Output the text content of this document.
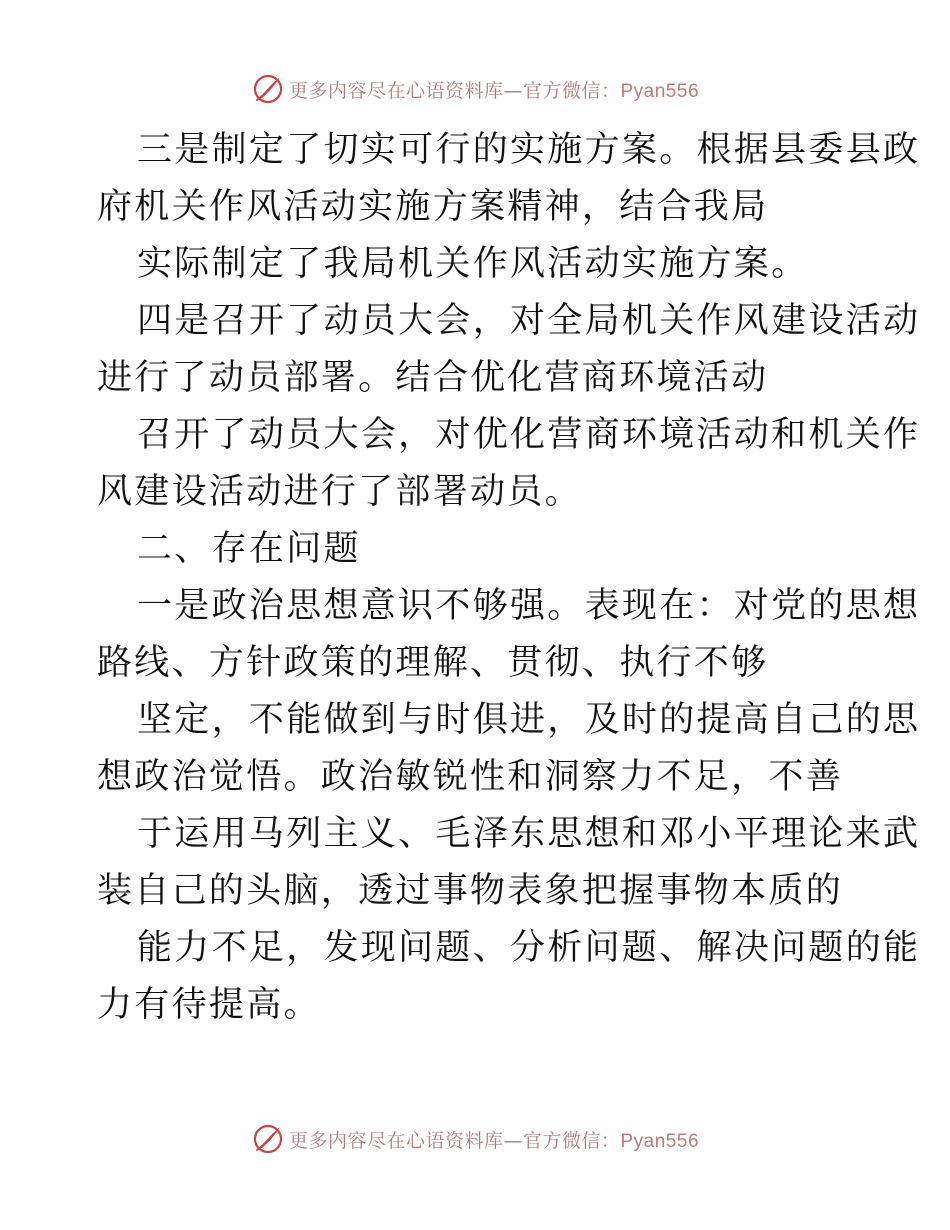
更多内容尽在心语资料库—官方微信：Pyan556
三是制定了切实可行的实施方案。根据县委县政
府机关作风活动实施方案精神，结合我局
实际制定了我局机关作风活动实施方案。
四是召开了动员大会，对全局机关作风建设活动
进行了动员部署。结合优化营商环境活动
召开了动员大会，对优化营商环境活动和机关作
风建设活动进行了部署动员。
二、存在问题
一是政治思想意识不够强。表现在：对党的思想
路线、方针政策的理解、贯彻、执行不够
坚定，不能做到与时俱进，及时的提高自己的思
想政治觉悟。政治敏锐性和洞察力不足，不善
于运用马列主义、毛泽东思想和邓小平理论来武
装自己的头脑，透过事物表象把握事物本质的
能力不足，发现问题、分析问题、解决问题的能
力有待提高。
更多内容尽在心语资料库—官方微信：Pyan556
